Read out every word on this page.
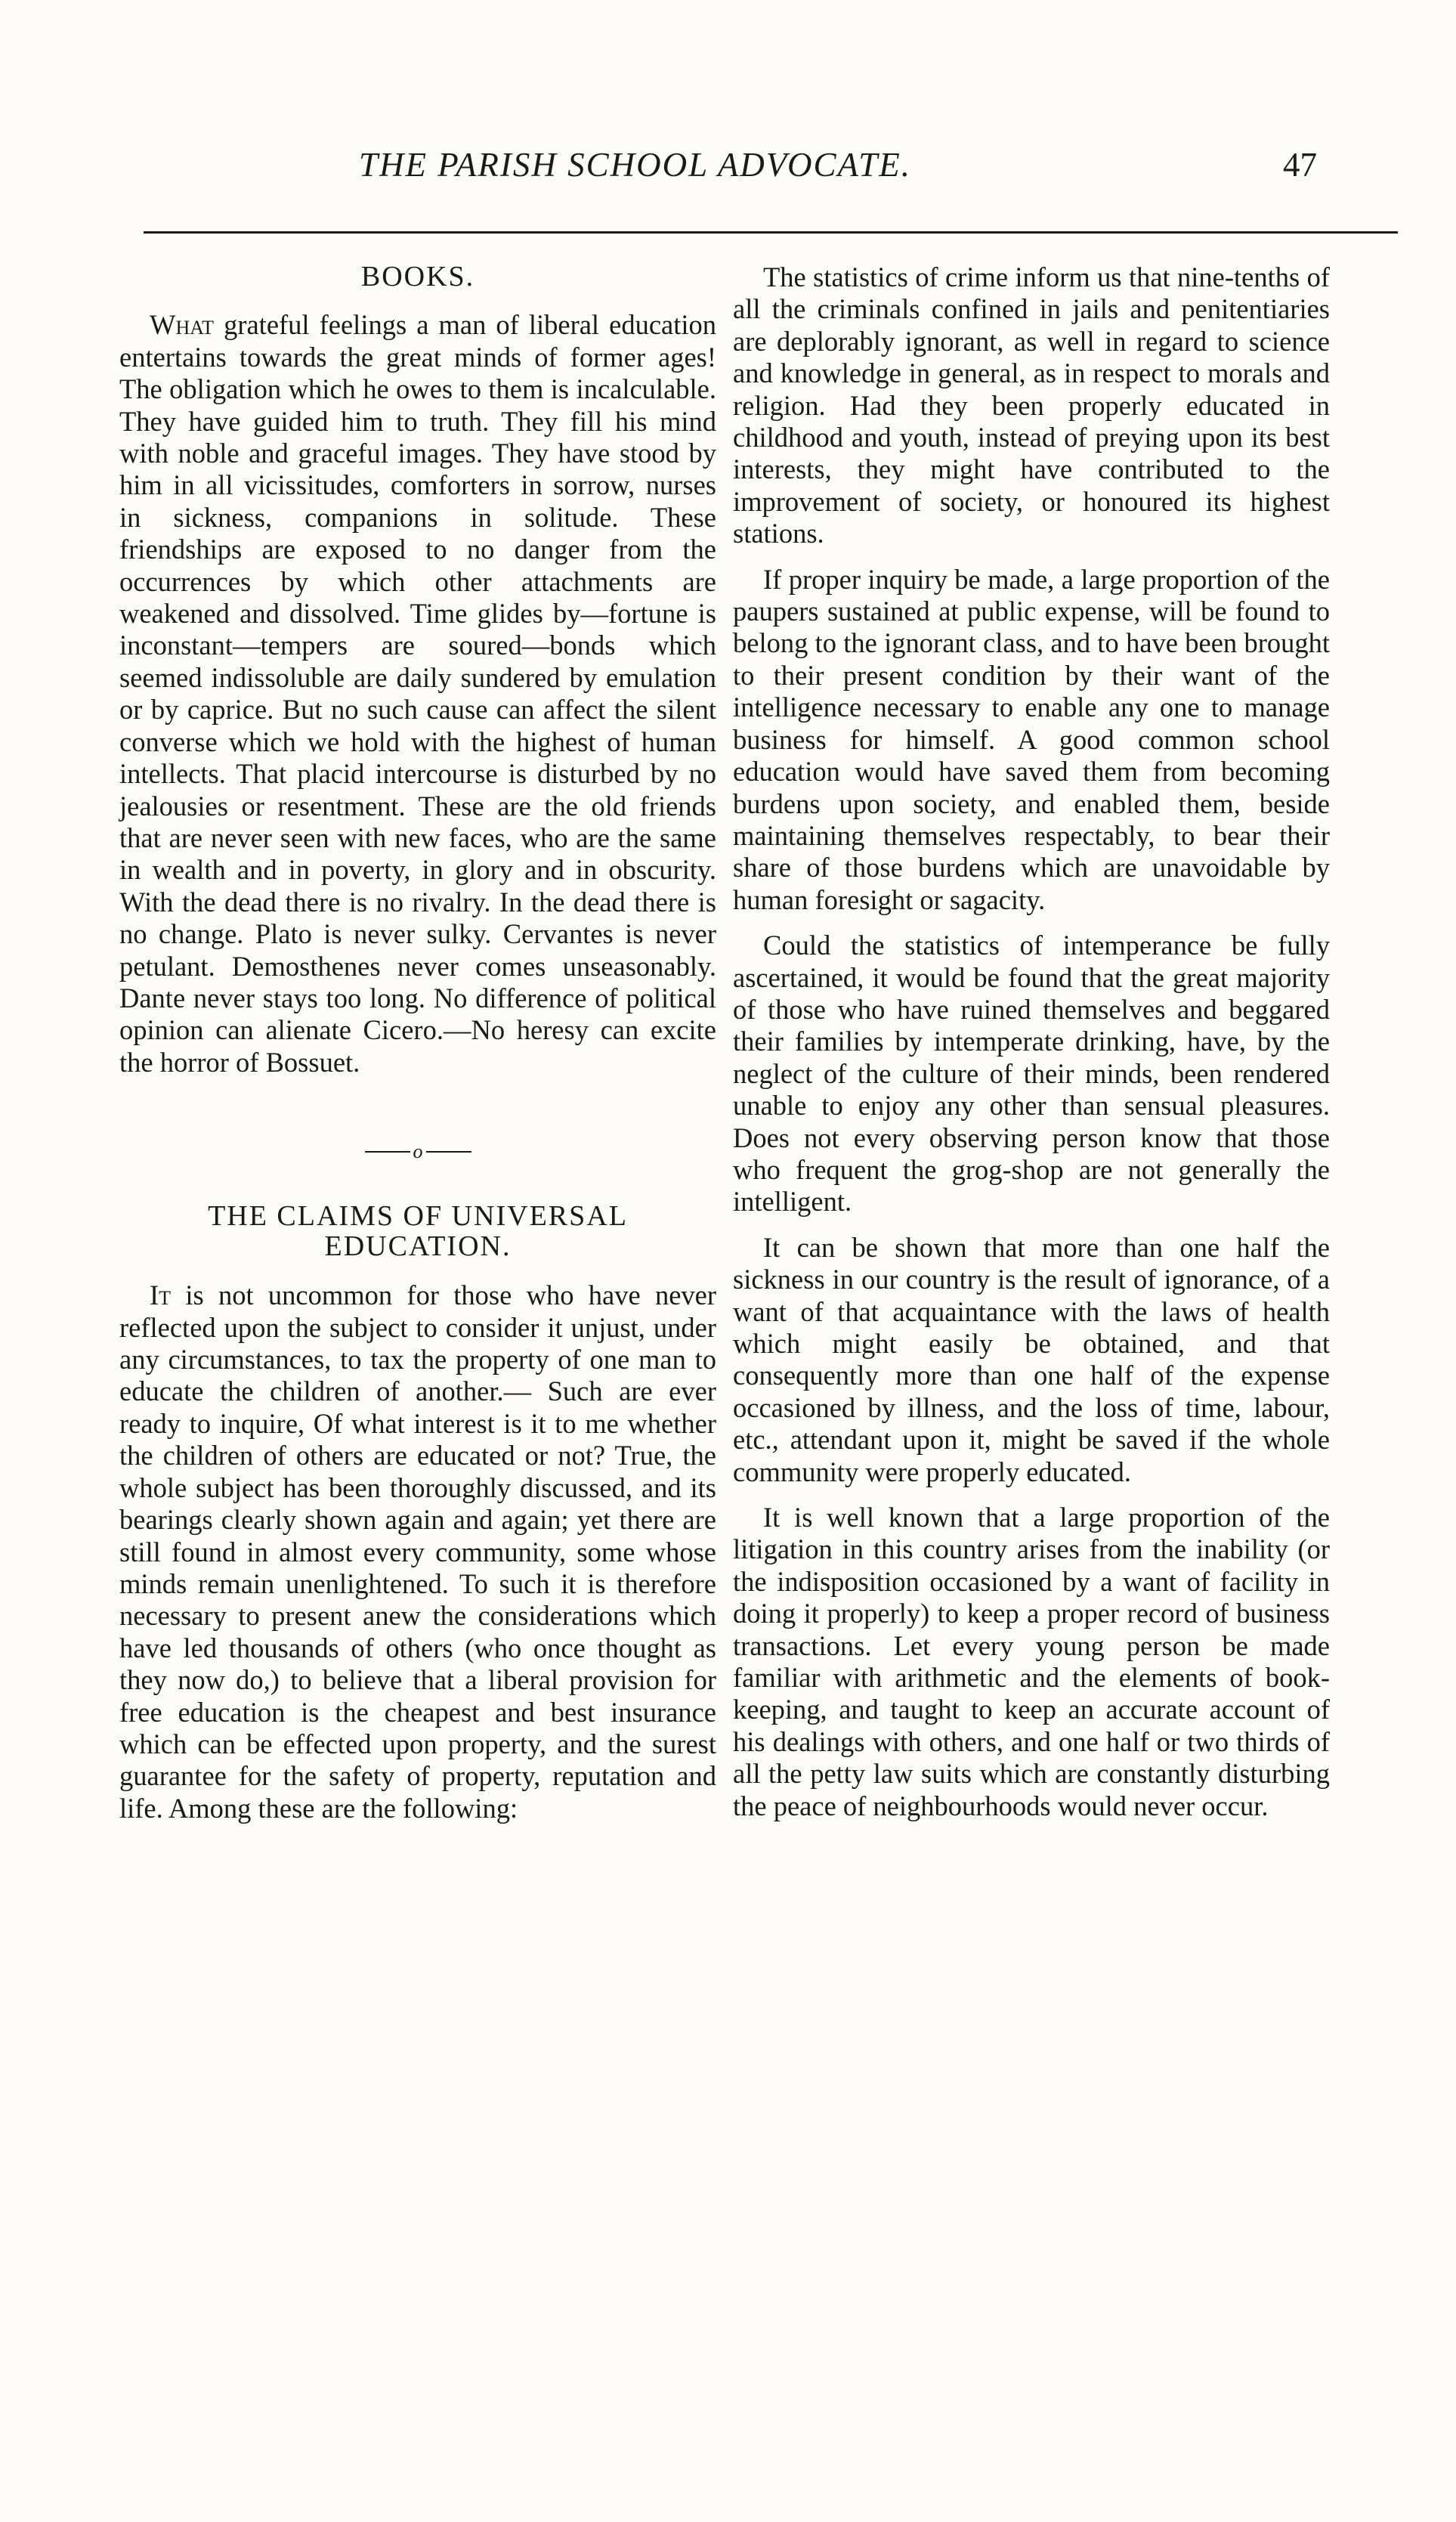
THE PARISH SCHOOL ADVOCATE.	47
BOOKS.

What grateful feelings a man of liberal education entertains towards the great minds of former ages! The obligation which he owes to them is incalculable. They have guided him to truth. They fill his mind with noble and graceful images. They have stood by him in all vicissitudes, comforters in sorrow, nurses in sickness, companions in solitude. These friendships are exposed to no danger from the occurrences by which other attachments are weakened and dissolved. Time glides by—fortune is inconstant—tempers are soured—bonds which seemed indissoluble are daily sundered by emulation or by caprice. But no such cause can affect the silent converse which we hold with the highest of human intellects. That placid intercourse is disturbed by no jealousies or resentment. These are the old friends that are never seen with new faces, who are the same in wealth and in poverty, in glory and in obscurity. With the dead there is no rivalry. In the dead there is no change. Plato is never sulky. Cervantes is never petulant. Demosthenes never comes unseasonably. Dante never stays too long. No difference of political opinion can alienate Cicero.—No heresy can excite the horror of Bossuet.

o
THE CLAIMS OF UNIVERSAL EDUCATION.

It is not uncommon for those who have never reflected upon the subject to consider it unjust, under any circumstances, to tax the property of one man to educate the children of another.— Such are ever ready to inquire, Of what interest is it to me whether the children of others are educated or not? True, the whole subject has been thoroughly discussed, and its bearings clearly shown again and again; yet there are still found in almost every community, some whose minds remain unenlightened. To such it is therefore necessary to present anew the considerations which have led thousands of others (who once thought as they now do,) to believe that a liberal provision for free education is the cheapest and best insurance which can be effected upon property, and the surest guarantee for the safety of property, reputation and life. Among these are the following:

The statistics of crime inform us that nine-tenths of all the criminals confined in jails and penitentiaries are deplorably ignorant, as well in regard to science and knowledge in general, as in respect to morals and religion. Had they been properly educated in childhood and youth, instead of preying upon its best interests, they might have contributed to the improvement of society, or honoured its highest stations.

If proper inquiry be made, a large proportion of the paupers sustained at public expense, will be found to belong to the ignorant class, and to have been brought to their present condition by their want of the intelligence necessary to enable any one to manage business for himself. A good common school education would have saved them from becoming burdens upon society, and enabled them, beside maintaining themselves respectably, to bear their share of those burdens which are unavoidable by human foresight or sagacity.

Could the statistics of intemperance be fully ascertained, it would be found that the great majority of those who have ruined themselves and beggared their families by intemperate drinking, have, by the neglect of the culture of their minds, been rendered unable to enjoy any other than sensual pleasures. Does not every observing person know that those who frequent the grog-shop are not generally the intelligent.

It can be shown that more than one half the sickness in our country is the result of ignorance, of a want of that acquaintance with the laws of health which might easily be obtained, and that consequently more than one half of the expense occasioned by illness, and the loss of time, labour, etc., attendant upon it, might be saved if the whole community were properly educated.

It is well known that a large proportion of the litigation in this country arises from the inability (or the indisposition occasioned by a want of facility in doing it properly) to keep a proper record of business transactions. Let every young person be made familiar with arithmetic and the elements of book-keeping, and taught to keep an accurate account of his dealings with others, and one half or two thirds of all the petty law suits which are constantly disturbing the peace of neighbourhoods would never occur.
